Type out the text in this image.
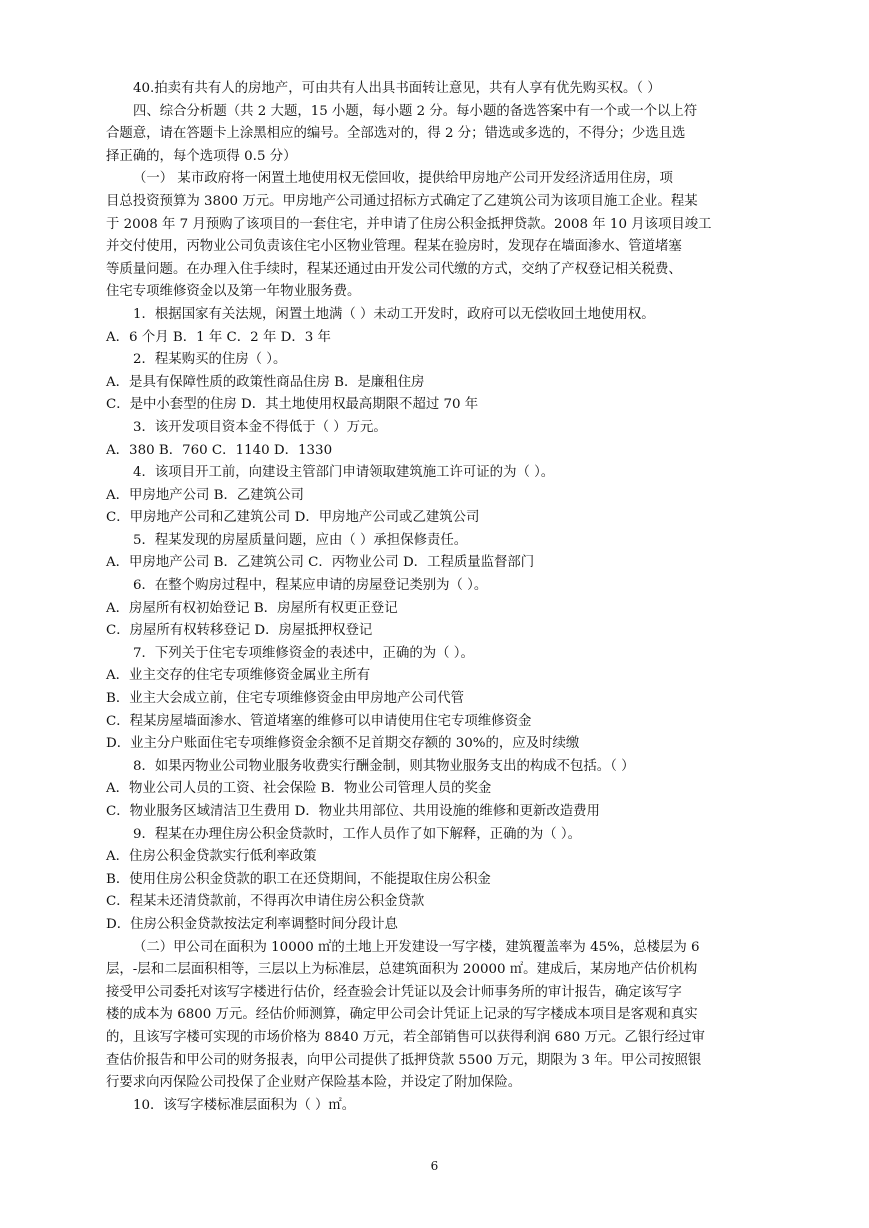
40.拍卖有共有人的房地产，可由共有人出具书面转让意见，共有人享有优先购买权。（ ）
四、综合分析题（共 2 大题，15 小题，每小题 2 分。每小题的备选答案中有一个或一个以上符
合题意，请在答题卡上涂黑相应的编号。全部选对的，得 2 分；错选或多选的，不得分；少选且选
择正确的，每个选项得 0.5 分）
（一） 某市政府将一闲置土地使用权无偿回收，提供给甲房地产公司开发经济适用住房，项
目总投资预算为 3800 万元。甲房地产公司通过招标方式确定了乙建筑公司为该项目施工企业。程某
于 2008 年 7 月预购了该项目的一套住宅，并申请了住房公积金抵押贷款。2008 年 10 月该项目竣工
并交付使用，丙物业公司负责该住宅小区物业管理。程某在验房时，发现存在墙面渗水、管道堵塞
等质量问题。在办理入住手续时，程某还通过由开发公司代缴的方式，交纳了产权登记相关税费、
住宅专项维修资金以及第一年物业服务费。
1．根据国家有关法规，闲置土地满（ ）未动工开发时，政府可以无偿收回土地使用权。
A．6 个月 B．1 年 C．2 年 D．3 年
2．程某购买的住房（ ）。
A．是具有保障性质的政策性商品住房 B．是廉租住房
C．是中小套型的住房 D．其土地使用权最高期限不超过 70 年
3．该开发项目资本金不得低于（ ）万元。
A．380 B．760 C．1140 D．1330
4．该项目开工前，向建设主管部门申请领取建筑施工许可证的为（ ）。
A．甲房地产公司 B．乙建筑公司
C．甲房地产公司和乙建筑公司 D．甲房地产公司或乙建筑公司
5．程某发现的房屋质量问题，应由（ ）承担保修责任。
A．甲房地产公司 B．乙建筑公司 C．丙物业公司 D．工程质量监督部门
6．在整个购房过程中，程某应申请的房屋登记类别为（ ）。
A．房屋所有权初始登记 B．房屋所有权更正登记
C．房屋所有权转移登记 D．房屋抵押权登记
7．下列关于住宅专项维修资金的表述中，正确的为（ ）。
A．业主交存的住宅专项维修资金属业主所有
B．业主大会成立前，住宅专项维修资金由甲房地产公司代管
C．程某房屋墙面渗水、管道堵塞的维修可以申请使用住宅专项维修资金
D．业主分户账面住宅专项维修资金余额不足首期交存额的 30%的，应及时续缴
8．如果丙物业公司物业服务收费实行酬金制，则其物业服务支出的构成不包括。（ ）
A．物业公司人员的工资、社会保险 B．物业公司管理人员的奖金
C．物业服务区域清洁卫生费用 D．物业共用部位、共用设施的维修和更新改造费用
9．程某在办理住房公积金贷款时，工作人员作了如下解释，正确的为（ ）。
A．住房公积金贷款实行低利率政策
B．使用住房公积金贷款的职工在还贷期间，不能提取住房公积金
C．程某未还清贷款前，不得再次申请住房公积金贷款
D．住房公积金贷款按法定利率调整时间分段计息
（二）甲公司在面积为 10000 ㎡的土地上开发建设一写字楼，建筑覆盖率为 45%，总楼层为 6
层，-层和二层面积相等，三层以上为标准层，总建筑面积为 20000 ㎡。建成后，某房地产估价机构
接受甲公司委托对该写字楼进行估价，经查验会计凭证以及会计师事务所的审计报告，确定该写字
楼的成本为 6800 万元。经估价师测算，确定甲公司会计凭证上记录的写字楼成本项目是客观和真实
的，且该写字楼可实现的市场价格为 8840 万元，若全部销售可以获得利润 680 万元。乙银行经过审
查估价报告和甲公司的财务报表，向甲公司提供了抵押贷款 5500 万元，期限为 3 年。甲公司按照银
行要求向丙保险公司投保了企业财产保险基本险，并设定了附加保险。
10．该写字楼标准层面积为（ ）㎡。
6
